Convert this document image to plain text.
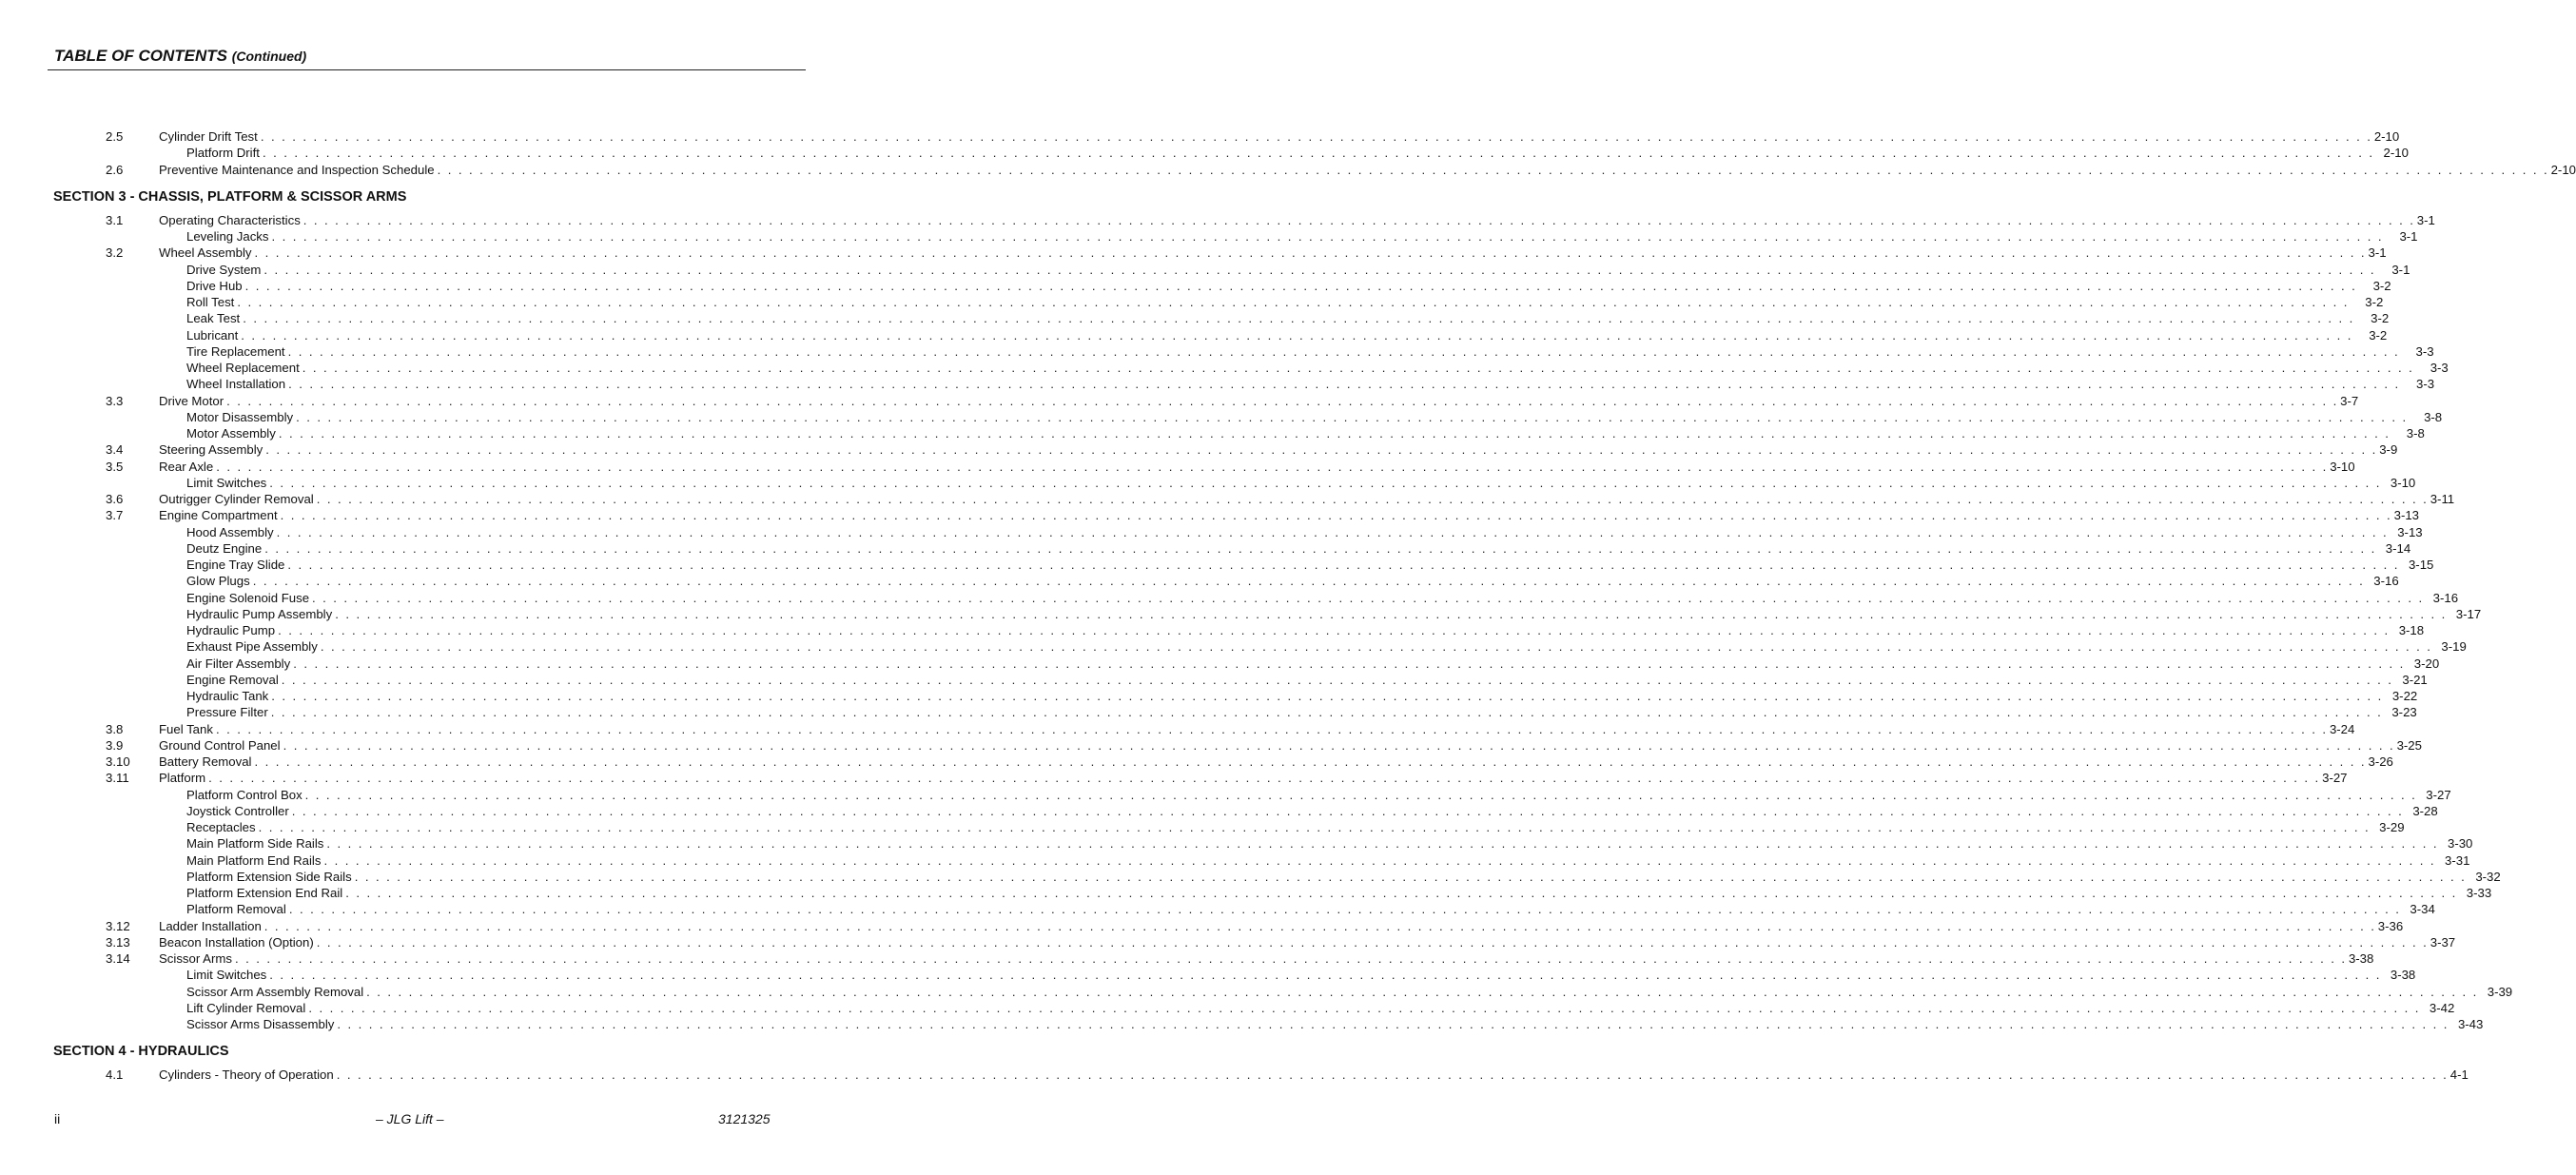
TABLE OF CONTENTS (Continued)
2.5	Cylinder Drift Test . . . . . . . . . . . . . . . . . . . . . . . . . . . . . . . . . . . . . . . . . . . . . . . . . . . . . . . . . . . . . . . . . . . . . . . . . . . . . . . . . . . . . . . . . . . . . . . . . . . . . . . . . . . . . . . . . . . . . . . . . . . . . . . . . . . . . . . . . . . . . . . . . . . . . . . . . . . . . . . . . . . . . . . . . . . . . . . . . . . . . . . . . . . . . . . . . . . . . . . . 2-10
Platform Drift . . . . . . . . . . . . . . . . . . . . . . . . . . . . . . . . . . . . . . . . . . . . . . . . . . . . . . . . . . . . . . . . . . . . . . . . . . . . . . . . . . . . . . . . . . . . . . . . . . . . . . . . . . . . . . . . . . . . . . . . . . . . . . . . . . . . . . . . . . . . . . . . . . . . . . . . . . . . . . . . . . . . . . . . . . . . . . . . . . . . . . . . . . . . . . . . . . . . . . . . 2-10
2.6	Preventive Maintenance and Inspection Schedule . . . . . . . . . . . . . . . . . . . . . . . . . . . . . . . . . . . . . . . . . . . . . . . . . . . . . . . . . . . . . . . . . . . . . . . . . . . . . . . . . . . . . . . . . . . . . . . . . . . . . . . . . . . . . . . . . . . . . . . . . . . . . . . . . . . . . . . . . . . . . . . . . . . . . . . . . . . . . . . . . . . . . . . . . . . . . . . . . . . . . . . . . . . . . . . . . . . . . . . . 2-10
SECTION 3 - CHASSIS, PLATFORM & SCISSOR ARMS
3.1	Operating Characteristics . . . . . . . . . . . . . . . . . . . . . . . . . . . . . . . . . . . . . . . . . . . . . . . . . . . . . . . . . . . . . . . . . . . . . . . . . . . . . . . . . . . . . . . . . . . . . . . . . . . . . . . . . . . . . . . . . . . . . . . . . . . . . . . . . . . . . . . . . . . . . . . . . . . . . . . . . . . . . . . . . . . . . . . . . . . . . . . . . . . . . . . . . . . . . . . . . . . . . . . . 3-1
Leveling Jacks . . . . . . . . . . . . . . . . . . . . . . . . . . . . . . . . . . . . . . . . . . . . . . . . . . . . . . . . . . . . . . . . . . . . . . . . . . . . . . . . . . . . . . . . . . . . . . . . . . . . . . . . . . . . . . . . . . . . . . . . . . . . . . . . . . . . . . . . . . . . . . . . . . . . . . . . . . . . . . . . . . . . . . . . . . . . . . . . . . . . . . . . . . . . . . . . . . . . . . . .	3-1
3.2	Wheel Assembly . . . . . . . . . . . . . . . . . . . . . . . . . . . . . . . . . . . . . . . . . . . . . . . . . . . . . . . . . . . . . . . . . . . . . . . . . . . . . . . . . . . . . . . . . . . . . . . . . . . . . . . . . . . . . . . . . . . . . . . . . . . . . . . . . . . . . . . . . . . . . . . . . . . . . . . . . . . . . . . . . . . . . . . . . . . . . . . . . . . . . . . . . . . . . . . . . . . . . . . . 3-1
Drive System . . . . . . . . . . . . . . . . . . . . . . . . . . . . . . . . . . . . . . . . . . . . . . . . . . . . . . . . . . . . . . . . . . . . . . . . . . . . . . . . . . . . . . . . . . . . . . . . . . . . . . . . . . . . . . . . . . . . . . . . . . . . . . . . . . . . . . . . . . . . . . . . . . . . . . . . . . . . . . . . . . . . . . . . . . . . . . . . . . . . . . . . . . . . . . . . . . . . . . . .	3-1
Drive Hub . . . . . . . . . . . . . . . . . . . . . . . . . . . . . . . . . . . . . . . . . . . . . . . . . . . . . . . . . . . . . . . . . . . . . . . . . . . . . . . . . . . . . . . . . . . . . . . . . . . . . . . . . . . . . . . . . . . . . . . . . . . . . . . . . . . . . . . . . . . . . . . . . . . . . . . . . . . . . . . . . . . . . . . . . . . . . . . . . . . . . . . . . . . . . . . . . . . . . . . .	3-2
Roll Test . . . . . . . . . . . . . . . . . . . . . . . . . . . . . . . . . . . . . . . . . . . . . . . . . . . . . . . . . . . . . . . . . . . . . . . . . . . . . . . . . . . . . . . . . . . . . . . . . . . . . . . . . . . . . . . . . . . . . . . . . . . . . . . . . . . . . . . . . . . . . . . . . . . . . . . . . . . . . . . . . . . . . . . . . . . . . . . . . . . . . . . . . . . . . . . . . . . . . . . .	3-2
Leak Test . . . . . . . . . . . . . . . . . . . . . . . . . . . . . . . . . . . . . . . . . . . . . . . . . . . . . . . . . . . . . . . . . . . . . . . . . . . . . . . . . . . . . . . . . . . . . . . . . . . . . . . . . . . . . . . . . . . . . . . . . . . . . . . . . . . . . . . . . . . . . . . . . . . . . . . . . . . . . . . . . . . . . . . . . . . . . . . . . . . . . . . . . . . . . . . . . . . . . . . .	3-2
Lubricant . . . . . . . . . . . . . . . . . . . . . . . . . . . . . . . . . . . . . . . . . . . . . . . . . . . . . . . . . . . . . . . . . . . . . . . . . . . . . . . . . . . . . . . . . . . . . . . . . . . . . . . . . . . . . . . . . . . . . . . . . . . . . . . . . . . . . . . . . . . . . . . . . . . . . . . . . . . . . . . . . . . . . . . . . . . . . . . . . . . . . . . . . . . . . . . . . . . . . . . .	3-2
Tire Replacement . . . . . . . . . . . . . . . . . . . . . . . . . . . . . . . . . . . . . . . . . . . . . . . . . . . . . . . . . . . . . . . . . . . . . . . . . . . . . . . . . . . . . . . . . . . . . . . . . . . . . . . . . . . . . . . . . . . . . . . . . . . . . . . . . . . . . . . . . . . . . . . . . . . . . . . . . . . . . . . . . . . . . . . . . . . . . . . . . . . . . . . . . . . . . . . . . . . . . . . .	3-3
Wheel Replacement . . . . . . . . . . . . . . . . . . . . . . . . . . . . . . . . . . . . . . . . . . . . . . . . . . . . . . . . . . . . . . . . . . . . . . . . . . . . . . . . . . . . . . . . . . . . . . . . . . . . . . . . . . . . . . . . . . . . . . . . . . . . . . . . . . . . . . . . . . . . . . . . . . . . . . . . . . . . . . . . . . . . . . . . . . . . . . . . . . . . . . . . . . . . . . . . . . . . . . . .	3-3
Wheel Installation . . . . . . . . . . . . . . . . . . . . . . . . . . . . . . . . . . . . . . . . . . . . . . . . . . . . . . . . . . . . . . . . . . . . . . . . . . . . . . . . . . . . . . . . . . . . . . . . . . . . . . . . . . . . . . . . . . . . . . . . . . . . . . . . . . . . . . . . . . . . . . . . . . . . . . . . . . . . . . . . . . . . . . . . . . . . . . . . . . . . . . . . . . . . . . . . . . . . . . . .	3-3
3.3	Drive Motor . . . . . . . . . . . . . . . . . . . . . . . . . . . . . . . . . . . . . . . . . . . . . . . . . . . . . . . . . . . . . . . . . . . . . . . . . . . . . . . . . . . . . . . . . . . . . . . . . . . . . . . . . . . . . . . . . . . . . . . . . . . . . . . . . . . . . . . . . . . . . . . . . . . . . . . . . . . . . . . . . . . . . . . . . . . . . . . . . . . . . . . . . . . . . . . . . . . . . . . . 3-7
Motor Disassembly . . . . . . . . . . . . . . . . . . . . . . . . . . . . . . . . . . . . . . . . . . . . . . . . . . . . . . . . . . . . . . . . . . . . . . . . . . . . . . . . . . . . . . . . . . . . . . . . . . . . . . . . . . . . . . . . . . . . . . . . . . . . . . . . . . . . . . . . . . . . . . . . . . . . . . . . . . . . . . . . . . . . . . . . . . . . . . . . . . . . . . . . . . . . . . . . . . . . . . . .	3-8
Motor Assembly . . . . . . . . . . . . . . . . . . . . . . . . . . . . . . . . . . . . . . . . . . . . . . . . . . . . . . . . . . . . . . . . . . . . . . . . . . . . . . . . . . . . . . . . . . . . . . . . . . . . . . . . . . . . . . . . . . . . . . . . . . . . . . . . . . . . . . . . . . . . . . . . . . . . . . . . . . . . . . . . . . . . . . . . . . . . . . . . . . . . . . . . . . . . . . . . . . . . . . . .	3-8
3.4	Steering Assembly . . . . . . . . . . . . . . . . . . . . . . . . . . . . . . . . . . . . . . . . . . . . . . . . . . . . . . . . . . . . . . . . . . . . . . . . . . . . . . . . . . . . . . . . . . . . . . . . . . . . . . . . . . . . . . . . . . . . . . . . . . . . . . . . . . . . . . . . . . . . . . . . . . . . . . . . . . . . . . . . . . . . . . . . . . . . . . . . . . . . . . . . . . . . . . . . . . . . . . . . 3-9
3.5	Rear Axle . . . . . . . . . . . . . . . . . . . . . . . . . . . . . . . . . . . . . . . . . . . . . . . . . . . . . . . . . . . . . . . . . . . . . . . . . . . . . . . . . . . . . . . . . . . . . . . . . . . . . . . . . . . . . . . . . . . . . . . . . . . . . . . . . . . . . . . . . . . . . . . . . . . . . . . . . . . . . . . . . . . . . . . . . . . . . . . . . . . . . . . . . . . . . . . . . . . . . . . . 3-10
Limit Switches . . . . . . . . . . . . . . . . . . . . . . . . . . . . . . . . . . . . . . . . . . . . . . . . . . . . . . . . . . . . . . . . . . . . . . . . . . . . . . . . . . . . . . . . . . . . . . . . . . . . . . . . . . . . . . . . . . . . . . . . . . . . . . . . . . . . . . . . . . . . . . . . . . . . . . . . . . . . . . . . . . . . . . . . . . . . . . . . . . . . . . . . . . . . . . . . . . . . . . . . 3-10
3.6	Outrigger Cylinder Removal . . . . . . . . . . . . . . . . . . . . . . . . . . . . . . . . . . . . . . . . . . . . . . . . . . . . . . . . . . . . . . . . . . . . . . . . . . . . . . . . . . . . . . . . . . . . . . . . . . . . . . . . . . . . . . . . . . . . . . . . . . . . . . . . . . . . . . . . . . . . . . . . . . . . . . . . . . . . . . . . . . . . . . . . . . . . . . . . . . . . . . . . . . . . . . . . . . . . . . . . 3-11
3.7	Engine Compartment . . . . . . . . . . . . . . . . . . . . . . . . . . . . . . . . . . . . . . . . . . . . . . . . . . . . . . . . . . . . . . . . . . . . . . . . . . . . . . . . . . . . . . . . . . . . . . . . . . . . . . . . . . . . . . . . . . . . . . . . . . . . . . . . . . . . . . . . . . . . . . . . . . . . . . . . . . . . . . . . . . . . . . . . . . . . . . . . . . . . . . . . . . . . . . . . . . . . . . . . 3-13
Hood Assembly . . . . . . . . . . . . . . . . . . . . . . . . . . . . . . . . . . . . . . . . . . . . . . . . . . . . . . . . . . . . . . . . . . . . . . . . . . . . . . . . . . . . . . . . . . . . . . . . . . . . . . . . . . . . . . . . . . . . . . . . . . . . . . . . . . . . . . . . . . . . . . . . . . . . . . . . . . . . . . . . . . . . . . . . . . . . . . . . . . . . . . . . . . . . . . . . . . . . . . . . 3-13
Deutz Engine . . . . . . . . . . . . . . . . . . . . . . . . . . . . . . . . . . . . . . . . . . . . . . . . . . . . . . . . . . . . . . . . . . . . . . . . . . . . . . . . . . . . . . . . . . . . . . . . . . . . . . . . . . . . . . . . . . . . . . . . . . . . . . . . . . . . . . . . . . . . . . . . . . . . . . . . . . . . . . . . . . . . . . . . . . . . . . . . . . . . . . . . . . . . . . . . . . . . . . . . 3-14
Engine Tray Slide . . . . . . . . . . . . . . . . . . . . . . . . . . . . . . . . . . . . . . . . . . . . . . . . . . . . . . . . . . . . . . . . . . . . . . . . . . . . . . . . . . . . . . . . . . . . . . . . . . . . . . . . . . . . . . . . . . . . . . . . . . . . . . . . . . . . . . . . . . . . . . . . . . . . . . . . . . . . . . . . . . . . . . . . . . . . . . . . . . . . . . . . . . . . . . . . . . . . . . . . 3-15
Glow Plugs . . . . . . . . . . . . . . . . . . . . . . . . . . . . . . . . . . . . . . . . . . . . . . . . . . . . . . . . . . . . . . . . . . . . . . . . . . . . . . . . . . . . . . . . . . . . . . . . . . . . . . . . . . . . . . . . . . . . . . . . . . . . . . . . . . . . . . . . . . . . . . . . . . . . . . . . . . . . . . . . . . . . . . . . . . . . . . . . . . . . . . . . . . . . . . . . . . . . . . . . 3-16
Engine Solenoid Fuse . . . . . . . . . . . . . . . . . . . . . . . . . . . . . . . . . . . . . . . . . . . . . . . . . . . . . . . . . . . . . . . . . . . . . . . . . . . . . . . . . . . . . . . . . . . . . . . . . . . . . . . . . . . . . . . . . . . . . . . . . . . . . . . . . . . . . . . . . . . . . . . . . . . . . . . . . . . . . . . . . . . . . . . . . . . . . . . . . . . . . . . . . . . . . . . . . . . . . . . . 3-16
Hydraulic Pump Assembly . . . . . . . . . . . . . . . . . . . . . . . . . . . . . . . . . . . . . . . . . . . . . . . . . . . . . . . . . . . . . . . . . . . . . . . . . . . . . . . . . . . . . . . . . . . . . . . . . . . . . . . . . . . . . . . . . . . . . . . . . . . . . . . . . . . . . . . . . . . . . . . . . . . . . . . . . . . . . . . . . . . . . . . . . . . . . . . . . . . . . . . . . . . . . . . . . . . . . . . . 3-17
Hydraulic Pump . . . . . . . . . . . . . . . . . . . . . . . . . . . . . . . . . . . . . . . . . . . . . . . . . . . . . . . . . . . . . . . . . . . . . . . . . . . . . . . . . . . . . . . . . . . . . . . . . . . . . . . . . . . . . . . . . . . . . . . . . . . . . . . . . . . . . . . . . . . . . . . . . . . . . . . . . . . . . . . . . . . . . . . . . . . . . . . . . . . . . . . . . . . . . . . . . . . . . . . . 3-18
Exhaust Pipe Assembly . . . . . . . . . . . . . . . . . . . . . . . . . . . . . . . . . . . . . . . . . . . . . . . . . . . . . . . . . . . . . . . . . . . . . . . . . . . . . . . . . . . . . . . . . . . . . . . . . . . . . . . . . . . . . . . . . . . . . . . . . . . . . . . . . . . . . . . . . . . . . . . . . . . . . . . . . . . . . . . . . . . . . . . . . . . . . . . . . . . . . . . . . . . . . . . . . . . . . . . . 3-19
Air Filter Assembly . . . . . . . . . . . . . . . . . . . . . . . . . . . . . . . . . . . . . . . . . . . . . . . . . . . . . . . . . . . . . . . . . . . . . . . . . . . . . . . . . . . . . . . . . . . . . . . . . . . . . . . . . . . . . . . . . . . . . . . . . . . . . . . . . . . . . . . . . . . . . . . . . . . . . . . . . . . . . . . . . . . . . . . . . . . . . . . . . . . . . . . . . . . . . . . . . . . . . . . . 3-20
Engine Removal . . . . . . . . . . . . . . . . . . . . . . . . . . . . . . . . . . . . . . . . . . . . . . . . . . . . . . . . . . . . . . . . . . . . . . . . . . . . . . . . . . . . . . . . . . . . . . . . . . . . . . . . . . . . . . . . . . . . . . . . . . . . . . . . . . . . . . . . . . . . . . . . . . . . . . . . . . . . . . . . . . . . . . . . . . . . . . . . . . . . . . . . . . . . . . . . . . . . . . . . 3-21
Hydraulic Tank . . . . . . . . . . . . . . . . . . . . . . . . . . . . . . . . . . . . . . . . . . . . . . . . . . . . . . . . . . . . . . . . . . . . . . . . . . . . . . . . . . . . . . . . . . . . . . . . . . . . . . . . . . . . . . . . . . . . . . . . . . . . . . . . . . . . . . . . . . . . . . . . . . . . . . . . . . . . . . . . . . . . . . . . . . . . . . . . . . . . . . . . . . . . . . . . . . . . . . . . 3-22
Pressure Filter . . . . . . . . . . . . . . . . . . . . . . . . . . . . . . . . . . . . . . . . . . . . . . . . . . . . . . . . . . . . . . . . . . . . . . . . . . . . . . . . . . . . . . . . . . . . . . . . . . . . . . . . . . . . . . . . . . . . . . . . . . . . . . . . . . . . . . . . . . . . . . . . . . . . . . . . . . . . . . . . . . . . . . . . . . . . . . . . . . . . . . . . . . . . . . . . . . . . . . . . 3-23
3.8	Fuel Tank . . . . . . . . . . . . . . . . . . . . . . . . . . . . . . . . . . . . . . . . . . . . . . . . . . . . . . . . . . . . . . . . . . . . . . . . . . . . . . . . . . . . . . . . . . . . . . . . . . . . . . . . . . . . . . . . . . . . . . . . . . . . . . . . . . . . . . . . . . . . . . . . . . . . . . . . . . . . . . . . . . . . . . . . . . . . . . . . . . . . . . . . . . . . . . . . . . . . . . . . 3-24
3.9	Ground Control Panel . . . . . . . . . . . . . . . . . . . . . . . . . . . . . . . . . . . . . . . . . . . . . . . . . . . . . . . . . . . . . . . . . . . . . . . . . . . . . . . . . . . . . . . . . . . . . . . . . . . . . . . . . . . . . . . . . . . . . . . . . . . . . . . . . . . . . . . . . . . . . . . . . . . . . . . . . . . . . . . . . . . . . . . . . . . . . . . . . . . . . . . . . . . . . . . . . . . . . . . . 3-25
3.10 Battery Removal . . . . . . . . . . . . . . . . . . . . . . . . . . . . . . . . . . . . . . . . . . . . . . . . . . . . . . . . . . . . . . . . . . . . . . . . . . . . . . . . . . . . . . . . . . . . . . . . . . . . . . . . . . . . . . . . . . . . . . . . . . . . . . . . . . . . . . . . . . . . . . . . . . . . . . . . . . . . . . . . . . . . . . . . . . . . . . . . . . . . . . . . . . . . . . . . . . . . . . . . 3-26
3.11 Platform . . . . . . . . . . . . . . . . . . . . . . . . . . . . . . . . . . . . . . . . . . . . . . . . . . . . . . . . . . . . . . . . . . . . . . . . . . . . . . . . . . . . . . . . . . . . . . . . . . . . . . . . . . . . . . . . . . . . . . . . . . . . . . . . . . . . . . . . . . . . . . . . . . . . . . . . . . . . . . . . . . . . . . . . . . . . . . . . . . . . . . . . . . . . . . . . . . . . . . . . 3-27
Platform Control Box . . . . . . . . . . . . . . . . . . . . . . . . . . . . . . . . . . . . . . . . . . . . . . . . . . . . . . . . . . . . . . . . . . . . . . . . . . . . . . . . . . . . . . . . . . . . . . . . . . . . . . . . . . . . . . . . . . . . . . . . . . . . . . . . . . . . . . . . . . . . . . . . . . . . . . . . . . . . . . . . . . . . . . . . . . . . . . . . . . . . . . . . . . . . . . . . . . . . . . . . 3-27
Joystick Controller . . . . . . . . . . . . . . . . . . . . . . . . . . . . . . . . . . . . . . . . . . . . . . . . . . . . . . . . . . . . . . . . . . . . . . . . . . . . . . . . . . . . . . . . . . . . . . . . . . . . . . . . . . . . . . . . . . . . . . . . . . . . . . . . . . . . . . . . . . . . . . . . . . . . . . . . . . . . . . . . . . . . . . . . . . . . . . . . . . . . . . . . . . . . . . . . . . . . . . . . 3-28
Receptacles . . . . . . . . . . . . . . . . . . . . . . . . . . . . . . . . . . . . . . . . . . . . . . . . . . . . . . . . . . . . . . . . . . . . . . . . . . . . . . . . . . . . . . . . . . . . . . . . . . . . . . . . . . . . . . . . . . . . . . . . . . . . . . . . . . . . . . . . . . . . . . . . . . . . . . . . . . . . . . . . . . . . . . . . . . . . . . . . . . . . . . . . . . . . . . . . . . . . . . . . 3-29
Main Platform Side Rails . . . . . . . . . . . . . . . . . . . . . . . . . . . . . . . . . . . . . . . . . . . . . . . . . . . . . . . . . . . . . . . . . . . . . . . . . . . . . . . . . . . . . . . . . . . . . . . . . . . . . . . . . . . . . . . . . . . . . . . . . . . . . . . . . . . . . . . . . . . . . . . . . . . . . . . . . . . . . . . . . . . . . . . . . . . . . . . . . . . . . . . . . . . . . . . . . . . . . . . . 3-30
Main Platform End Rails . . . . . . . . . . . . . . . . . . . . . . . . . . . . . . . . . . . . . . . . . . . . . . . . . . . . . . . . . . . . . . . . . . . . . . . . . . . . . . . . . . . . . . . . . . . . . . . . . . . . . . . . . . . . . . . . . . . . . . . . . . . . . . . . . . . . . . . . . . . . . . . . . . . . . . . . . . . . . . . . . . . . . . . . . . . . . . . . . . . . . . . . . . . . . . . . . . . . . . . . 3-31
Platform Extension Side Rails . . . . . . . . . . . . . . . . . . . . . . . . . . . . . . . . . . . . . . . . . . . . . . . . . . . . . . . . . . . . . . . . . . . . . . . . . . . . . . . . . . . . . . . . . . . . . . . . . . . . . . . . . . . . . . . . . . . . . . . . . . . . . . . . . . . . . . . . . . . . . . . . . . . . . . . . . . . . . . . . . . . . . . . . . . . . . . . . . . . . . . . . . . . . . . . . . . . . . . . . 3-32
Platform Extension End Rail . . . . . . . . . . . . . . . . . . . . . . . . . . . . . . . . . . . . . . . . . . . . . . . . . . . . . . . . . . . . . . . . . . . . . . . . . . . . . . . . . . . . . . . . . . . . . . . . . . . . . . . . . . . . . . . . . . . . . . . . . . . . . . . . . . . . . . . . . . . . . . . . . . . . . . . . . . . . . . . . . . . . . . . . . . . . . . . . . . . . . . . . . . . . . . . . . . . . . . . . 3-33
Platform Removal . . . . . . . . . . . . . . . . . . . . . . . . . . . . . . . . . . . . . . . . . . . . . . . . . . . . . . . . . . . . . . . . . . . . . . . . . . . . . . . . . . . . . . . . . . . . . . . . . . . . . . . . . . . . . . . . . . . . . . . . . . . . . . . . . . . . . . . . . . . . . . . . . . . . . . . . . . . . . . . . . . . . . . . . . . . . . . . . . . . . . . . . . . . . . . . . . . . . . . . . 3-34
3.12 Ladder Installation . . . . . . . . . . . . . . . . . . . . . . . . . . . . . . . . . . . . . . . . . . . . . . . . . . . . . . . . . . . . . . . . . . . . . . . . . . . . . . . . . . . . . . . . . . . . . . . . . . . . . . . . . . . . . . . . . . . . . . . . . . . . . . . . . . . . . . . . . . . . . . . . . . . . . . . . . . . . . . . . . . . . . . . . . . . . . . . . . . . . . . . . . . . . . . . . . . . . . . . . 3-36
3.13 Beacon Installation (Option) . . . . . . . . . . . . . . . . . . . . . . . . . . . . . . . . . . . . . . . . . . . . . . . . . . . . . . . . . . . . . . . . . . . . . . . . . . . . . . . . . . . . . . . . . . . . . . . . . . . . . . . . . . . . . . . . . . . . . . . . . . . . . . . . . . . . . . . . . . . . . . . . . . . . . . . . . . . . . . . . . . . . . . . . . . . . . . . . . . . . . . . . . . . . . . . . . . . . . . . . 3-37
3.14 Scissor Arms . . . . . . . . . . . . . . . . . . . . . . . . . . . . . . . . . . . . . . . . . . . . . . . . . . . . . . . . . . . . . . . . . . . . . . . . . . . . . . . . . . . . . . . . . . . . . . . . . . . . . . . . . . . . . . . . . . . . . . . . . . . . . . . . . . . . . . . . . . . . . . . . . . . . . . . . . . . . . . . . . . . . . . . . . . . . . . . . . . . . . . . . . . . . . . . . . . . . . . . . 3-38
Limit Switches . . . . . . . . . . . . . . . . . . . . . . . . . . . . . . . . . . . . . . . . . . . . . . . . . . . . . . . . . . . . . . . . . . . . . . . . . . . . . . . . . . . . . . . . . . . . . . . . . . . . . . . . . . . . . . . . . . . . . . . . . . . . . . . . . . . . . . . . . . . . . . . . . . . . . . . . . . . . . . . . . . . . . . . . . . . . . . . . . . . . . . . . . . . . . . . . . . . . . . . . 3-38
Scissor Arm Assembly Removal . . . . . . . . . . . . . . . . . . . . . . . . . . . . . . . . . . . . . . . . . . . . . . . . . . . . . . . . . . . . . . . . . . . . . . . . . . . . . . . . . . . . . . . . . . . . . . . . . . . . . . . . . . . . . . . . . . . . . . . . . . . . . . . . . . . . . . . . . . . . . . . . . . . . . . . . . . . . . . . . . . . . . . . . . . . . . . . . . . . . . . . . . . . . . . . . . . . . . . . . 3-39
Lift Cylinder Removal . . . . . . . . . . . . . . . . . . . . . . . . . . . . . . . . . . . . . . . . . . . . . . . . . . . . . . . . . . . . . . . . . . . . . . . . . . . . . . . . . . . . . . . . . . . . . . . . . . . . . . . . . . . . . . . . . . . . . . . . . . . . . . . . . . . . . . . . . . . . . . . . . . . . . . . . . . . . . . . . . . . . . . . . . . . . . . . . . . . . . . . . . . . . . . . . . . . . . . . . 3-42
Scissor Arms Disassembly . . . . . . . . . . . . . . . . . . . . . . . . . . . . . . . . . . . . . . . . . . . . . . . . . . . . . . . . . . . . . . . . . . . . . . . . . . . . . . . . . . . . . . . . . . . . . . . . . . . . . . . . . . . . . . . . . . . . . . . . . . . . . . . . . . . . . . . . . . . . . . . . . . . . . . . . . . . . . . . . . . . . . . . . . . . . . . . . . . . . . . . . . . . . . . . . . . . . . . . . 3-43
SECTION 4 - HYDRAULICS
4.1	Cylinders - Theory of Operation . . . . . . . . . . . . . . . . . . . . . . . . . . . . . . . . . . . . . . . . . . . . . . . . . . . . . . . . . . . . . . . . . . . . . . . . . . . . . . . . . . . . . . . . . . . . . . . . . . . . . . . . . . . . . . . . . . . . . . . . . . . . . . . . . . . . . . . . . . . . . . . . . . . . . . . . . . . . . . . . . . . . . . . . . . . . . . . . . . . . . . . . . . . . . . . . . . . . . . . . 4-1
ii	– JLG Lift –	3121325
